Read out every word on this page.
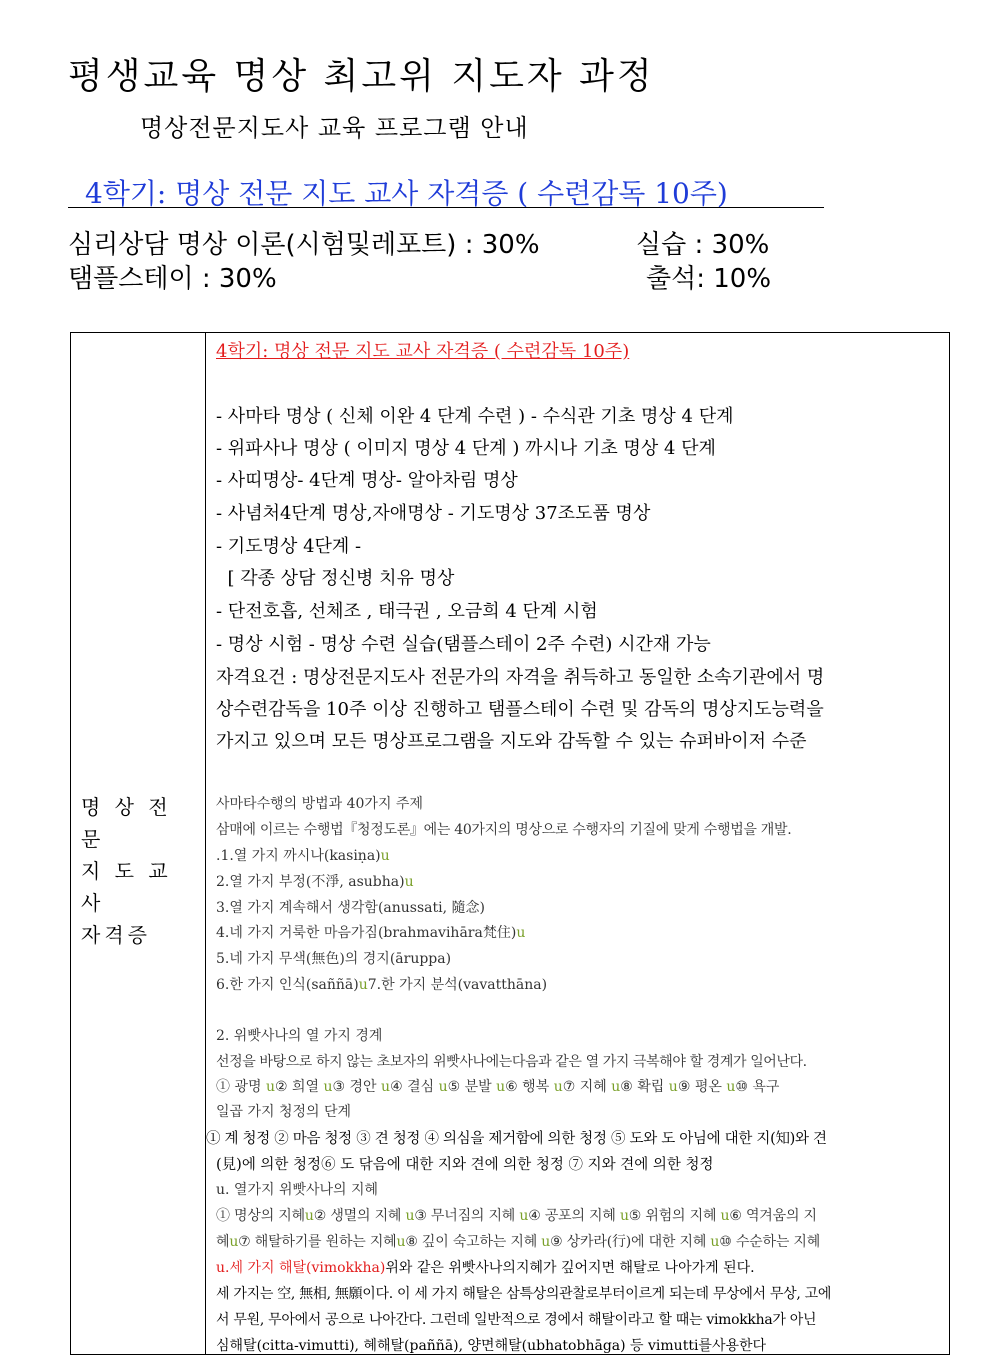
평생교육 명상 최고위 지도자 과정
명상전문지도사 교육 프로그램 안내
4학기: 명상 전문 지도 교사 자격증 ( 수련감독 10주)
심리상담 명상 이론(시험및레포트) : 30%	실습 : 30%
탬플스테이 : 30%	출석: 10%
명 상 전 문
지 도 교 사
자격증
4학기: 명상 전문 지도 교사 자격증 ( 수련감독 10주)
- 사마타 명상 ( 신체 이완 4 단계 수련 ) - 수식관 기초 명상 4 단계
- 위파사나 명상 ( 이미지 명상 4 단계 ) 까시나 기초 명상 4 단계
- 사띠명상- 4단계 명상- 알아차림 명상
- 사념처4단계 명상,자애명상 - 기도명상 37조도품 명상
- 기도명상 4단계 -
[ 각종 상담 정신병 치유 명상
- 단전호흡, 선체조 , 태극권 , 오금희 4 단계 시험
- 명상 시험 - 명상 수련 실습(탬플스테이 2주 수련) 시간재 가능
자격요건 : 명상전문지도사 전문가의 자격을 취득하고 동일한 소속기관에서 명
상수련감독을 10주 이상 진행하고 탬플스테이 수련 및 감독의 명상지도능력을
가지고 있으며 모든 명상프로그램을 지도와 감독할 수 있는 슈퍼바이저 수준
사마타수행의 방법과 40가지 주제
삼매에 이르는 수행법『청정도론』에는 40가지의 명상으로 수행자의 기질에 맞게 수행법을 개발.
.1.열 가지 까시나(kasiṇa)u
2.열 가지 부정(不淨, asubha)u
3.열 가지 계속해서 생각함(anussati, 隨念)
4.네 가지 거룩한 마음가짐(brahmavihāra梵住)u
5.네 가지 무색(無色)의 경지(āruppa)
6.한 가지 인식(saññā)u7.한 가지 분석(vavatthāna)
2. 위빳사나의 열 가지 경계
선정을 바탕으로 하지 않는 초보자의 위빳사나에는다음과 같은 열 가지 극복해야 할 경계가 일어난다.
① 광명 u② 희열 u③ 경안 u④ 결심 u⑤ 분발 u⑥ 행복 u⑦ 지혜 u⑧ 확립 u⑨ 평온 u⑩ 욕구
일곱 가지 청정의 단계
① 계 청정 ② 마음 청정 ③ 견 청정 ④ 의심을 제거함에 의한 청정 ⑤ 도와 도 아님에 대한 지(知)와 견
(見)에 의한 청정⑥ 도 닦음에 대한 지와 견에 의한 청정 ⑦ 지와 견에 의한 청정
u. 열가지 위빳사나의 지혜
① 명상의 지혜u② 생멸의 지혜 u③ 무너짐의 지혜 u④ 공포의 지혜 u⑤ 위험의 지혜 u⑥ 역겨움의 지
혜u⑦ 해탈하기를 원하는 지혜u⑧ 깊이 숙고하는 지혜 u⑨ 상카라(行)에 대한 지혜 u⑩ 수순하는 지혜
u.세 가지 해탈(vimokkha)위와 같은 위빳사나의지혜가 깊어지면 해탈로 나아가게 된다.
세 가지는 空, 無相, 無願이다. 이 세 가지 해탈은 삼특상의관찰로부터이르게 되는데 무상에서 무상, 고에
서 무원, 무아에서 공으로 나아간다. 그런데 일반적으로 경에서 해탈이라고 할 때는 vimokkha가 아닌
심해탈(citta-vimutti), 혜해탈(paññā), 양면해탈(ubhatobhāga) 등 vimutti를사용한다
